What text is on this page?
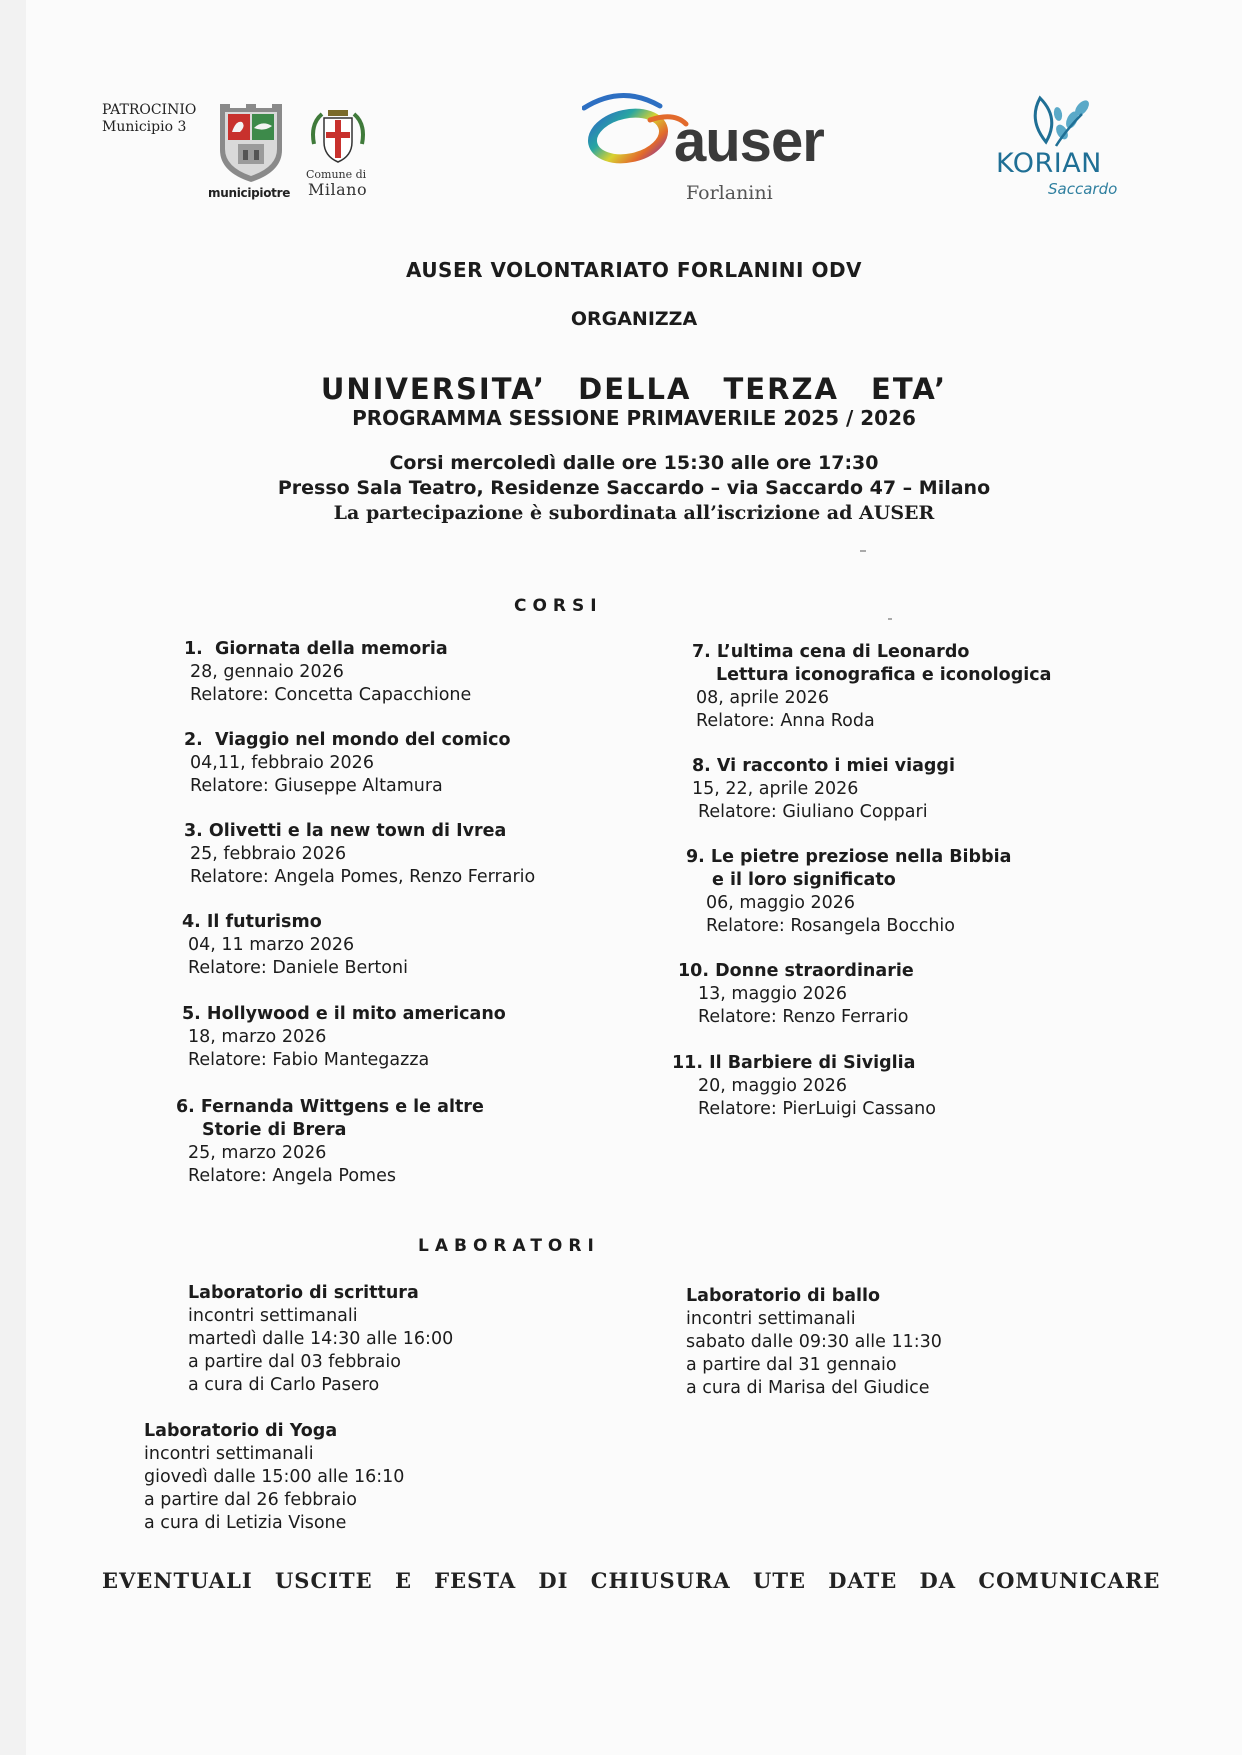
PATROCINIO
Municipio 3
municipiotre
Comune di
Milano
auser
Forlanini
KORIAN
Saccardo
AUSER VOLONTARIATO FORLANINI ODV
ORGANIZZA
UNIVERSITA’ DELLA TERZA ETA’
PROGRAMMA SESSIONE PRIMAVERILE 2025 / 2026
Corsi mercoledì dalle ore 15:30 alle ore 17:30
Presso Sala Teatro, Residenze Saccardo – via Saccardo 47 – Milano
La partecipazione è subordinata all’iscrizione ad AUSER
CORSI
1. Giornata della memoria
28, gennaio 2026
Relatore: Concetta Capacchione
2. Viaggio nel mondo del comico
04,11, febbraio 2026
Relatore: Giuseppe Altamura
3. Olivetti e la new town di Ivrea
25, febbraio 2026
Relatore: Angela Pomes, Renzo Ferrario
4. Il futurismo
04, 11 marzo 2026
Relatore: Daniele Bertoni
5. Hollywood e il mito americano
18, marzo 2026
Relatore: Fabio Mantegazza
6. Fernanda Wittgens e le altre
Storie di Brera
25, marzo 2026
Relatore: Angela Pomes
7. L’ultima cena di Leonardo
Lettura iconografica e iconologica
08, aprile 2026
Relatore: Anna Roda
8. Vi racconto i miei viaggi
15, 22, aprile 2026
Relatore: Giuliano Coppari
9. Le pietre preziose nella Bibbia
e il loro significato
06, maggio 2026
Relatore: Rosangela Bocchio
10. Donne straordinarie
13, maggio 2026
Relatore: Renzo Ferrario
11. Il Barbiere di Siviglia
20, maggio 2026
Relatore: PierLuigi Cassano
LABORATORI
Laboratorio di scrittura
incontri settimanali
martedì dalle 14:30 alle 16:00
a partire dal 03 febbraio
a cura di Carlo Pasero
Laboratorio di ballo
incontri settimanali
sabato dalle 09:30 alle 11:30
a partire dal 31 gennaio
a cura di Marisa del Giudice
Laboratorio di Yoga
incontri settimanali
giovedì dalle 15:00 alle 16:10
a partire dal 26 febbraio
a cura di Letizia Visone
EVENTUALI USCITE E FESTA DI CHIUSURA UTE DATE DA COMUNICARE
